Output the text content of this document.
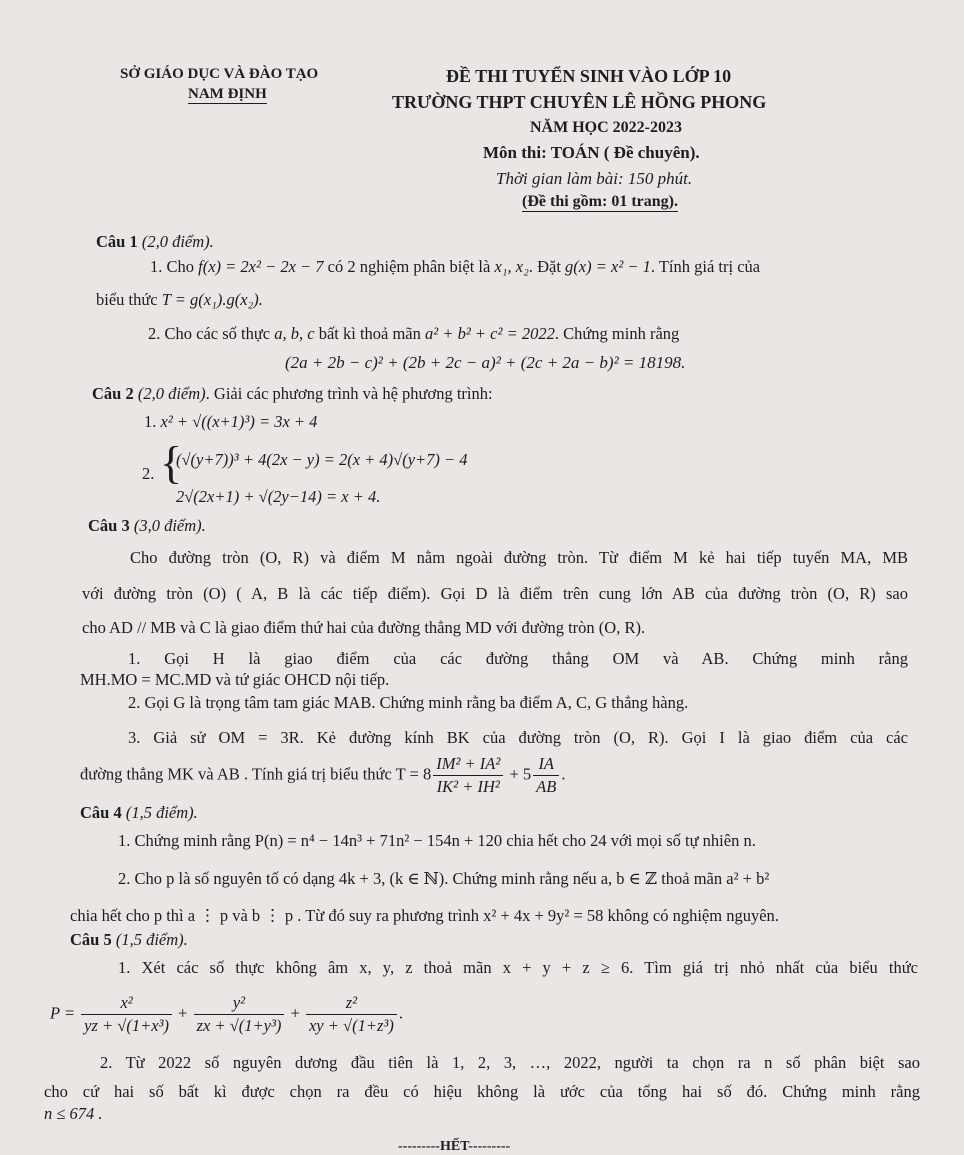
SỞ GIÁO DỤC VÀ ĐÀO TẠO
NAM ĐỊNH
ĐỀ THI TUYỂN SINH VÀO LỚP 10
TRƯỜNG THPT CHUYÊN LÊ HỒNG PHONG
NĂM HỌC 2022-2023
Môn thi: TOÁN ( Đề chuyên).
Thời gian làm bài: 150 phút.
(Đề thi gồm: 01 trang).
Câu 1 (2,0 điểm).
1. Cho f(x) = 2x² − 2x − 7 có 2 nghiệm phân biệt là x₁, x₂. Đặt g(x) = x² − 1. Tính giá trị của
biểu thức T = g(x₁).g(x₂).
2. Cho các số thực a, b, c bất kì thoả mãn a² + b² + c² = 2022. Chứng minh rằng
(2a + 2b − c)² + (2b + 2c − a)² + (2c + 2a − b)² = 18198.
Câu 2 (2,0 điểm). Giải các phương trình và hệ phương trình:
1. x² + √((x+1)³) = 3x + 4
2. {
(√(y+7))³ + 4(2x − y) = 2(x + 4)√(y+7) − 4
2√(2x+1) + √(2y−14) = x + 4.
Câu 3 (3,0 điểm).
Cho đường tròn (O, R) và điểm M nằm ngoài đường tròn. Từ điểm M kẻ hai tiếp tuyến MA, MB
với đường tròn (O) ( A, B là các tiếp điểm). Gọi D là điểm trên cung lớn AB của đường tròn (O, R) sao
cho AD // MB và C là giao điểm thứ hai của đường thẳng MD với đường tròn (O, R).
1. Gọi H là giao điểm của các đường thẳng OM và AB. Chứng minh rằng
MH.MO = MC.MD và tứ giác OHCD nội tiếp.
2. Gọi G là trọng tâm tam giác MAB. Chứng minh rằng ba điểm A, C, G thẳng hàng.
3. Giả sử OM = 3R. Kẻ đường kính BK của đường tròn (O, R). Gọi I là giao điểm của các
đường thẳng MK và AB . Tính giá trị biểu thức $T = 8 \frac{\text{IM² + IA²}}{\text{IK² + IH²}} + 5 \frac{IA}{AB}$ .
Câu 4 (1,5 điểm).
1. Chứng minh rằng P(n) = n⁴ − 14n³ + 71n² − 154n + 120 chia hết cho 24 với mọi số tự nhiên n.
2. Cho p là số nguyên tố có dạng 4k + 3, (k ∈ ℕ). Chứng minh rằng nếu a, b ∈ ℤ thoả mãn a² + b²
chia hết cho p thì a ⋮ p và b ⋮ p . Từ đó suy ra phương trình x² + 4x + 9y² = 58 không có nghiệm nguyên.
Câu 5 (1,5 điểm).
1. Xét các số thực không âm x, y, z thoả mãn x + y + z ≥ 6. Tìm giá trị nhỏ nhất của biểu thức
$P = \frac{\text{x²}}{\text{yz + √(1+x³)}} + \frac{\text{y²}}{\text{zx + √(1+y³)}} + \frac{\text{z²}}{\text{xy + √(1+z³)}}$ .
2. Từ 2022 số nguyên dương đầu tiên là 1, 2, 3, …, 2022, người ta chọn ra n số phân biệt sao
cho cứ hai số bất kì được chọn ra đều có hiệu không là ước của tổng hai số đó. Chứng minh rằng
n ≤ 674 .
---------HẾT---------
